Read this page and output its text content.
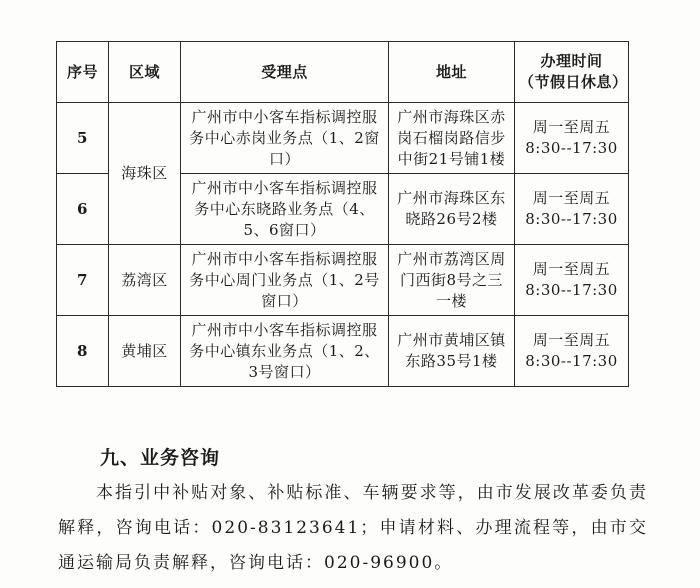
序号	区域	受理点	地址	办理时间
（节假日休息）

5	海珠区	广州市中小客车指标调控服务中心赤岗业务点（1、2窗口）	广州市海珠区赤岗石榴岗路信步中街21号铺1楼	周一至周五
8:30--17:30

6		广州市中小客车指标调控服务中心东晓路业务点（4、5、6窗口）	广州市海珠区东晓路26号2楼	周一至周五
8:30--17:30

7	荔湾区	广州市中小客车指标调控服务中心周门业务点（1、2号窗口）	广州市荔湾区周门西街8号之三一楼	周一至周五
8:30--17:30

8	黄埔区	广州市中小客车指标调控服务中心镇东业务点（1、2、3号窗口）	广州市黄埔区镇东路35号1楼	周一至周五
8:30--17:30
九、业务咨询
本指引中补贴对象、补贴标准、车辆要求等，由市发展改革委负责解释，咨询电话：020-83123641；申请材料、办理流程等，由市交通运输局负责解释，咨询电话：020-96900。
